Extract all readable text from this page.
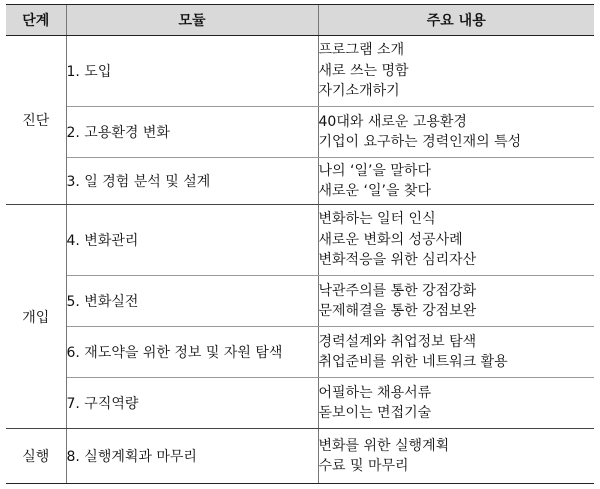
단계	모듈	주요 내용
진단	1. 도입	프로그램 소개
새로 쓰는 명함
자기소개하기

	2. 고용환경 변화	40대와 새로운 고용환경
기업이 요구하는 경력인재의 특성

	3. 일 경험 분석 및 설계	나의 ‘일’을 말하다
새로운 ‘일’을 찾다

개입	4. 변화관리	변화하는 일터 인식
새로운 변화의 성공사례
변화적응을 위한 심리자산

	5. 변화실전	낙관주의를 통한 강점강화
문제해결을 통한 강점보완

	6. 재도약을 위한 정보 및 자원 탐색	경력설계와 취업정보 탐색
취업준비를 위한 네트워크 활용

	7. 구직역량	어필하는 채용서류
돋보이는 면접기술

실행	8. 실행계획과 마무리	변화를 위한 실행계획
수료 및 마무리
